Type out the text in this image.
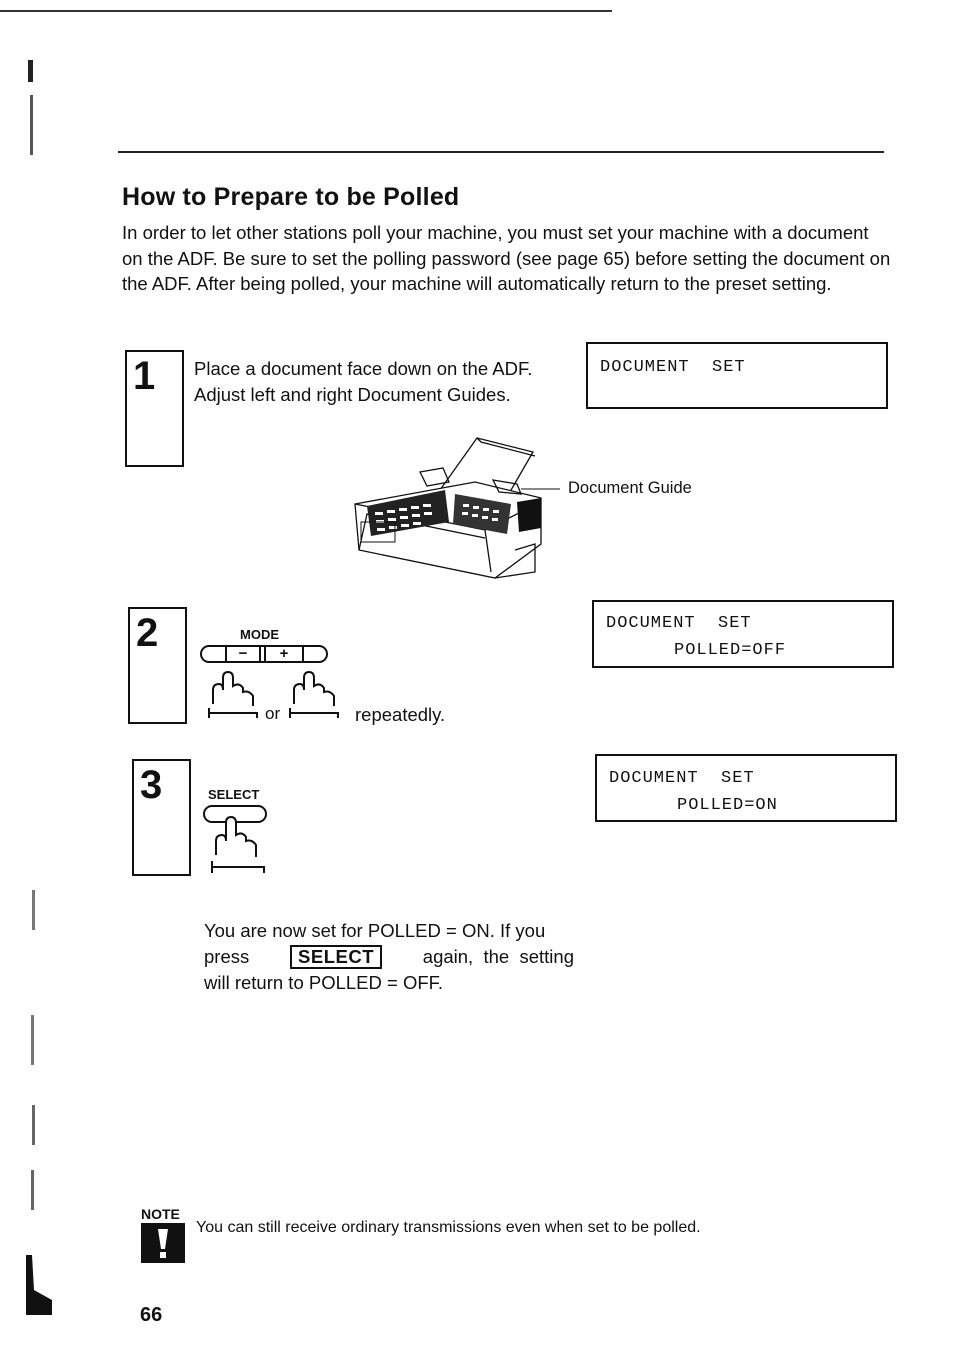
How to Prepare to be Polled

In order to let other stations poll your machine, you must set your machine with a document on the ADF. Be sure to set the polling password (see page 65) before setting the document on the ADF. After being polled, your machine will automatically return to the preset setting.

1 Place a document face down on the ADF.
Adjust left and right Document Guides.
DOCUMENT  SET
Document Guide
2	MODE
−	+
or	repeatedly.
DOCUMENT  SET
POLLED=OFF
3	SELECT
DOCUMENT  SET
POLLED=ON
You are now set for POLLED = ON. If you
press	SELECT	again,  the  setting
will return to POLLED = OFF.
NOTE
You can still receive ordinary transmissions even when set to be polled.
66
